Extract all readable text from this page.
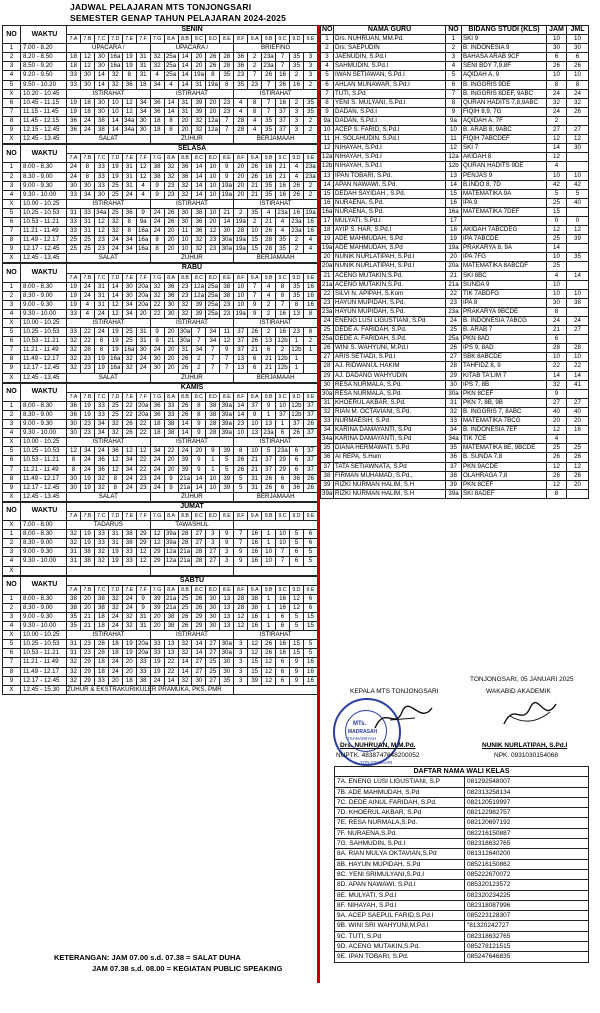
JADWAL PELAJARAN MTS TONJONGSARI
SEMESTER GENAP TAHUN PELAJARAN 2024-2025
NO	WAKTU	SENIN																	
		7.A	7.B	7.C	7.D	7.E	7.F	7.G	8.A	8.B	8.C	8.D	8.E	8.F	9.A	9.B	9.C	9.D	9.E
1	7.00 - 8.20	UPACARA /						UPACARA /						BRIEFING					
2	8.20 - 8.50	18	12	30	16a	19	31	32	25a	14	20	26	28	36	2	23a	7	35	3
3	8.50 - 9.20	18	12	30	16a	19	31	32	25a	14	20	26	28	36	2	23a	7	35	3
4	9.20 - 9.50	33	30	14	32	8	31	4	25a	14	19a	8	35	23	7	26	16	2	3
5	9.50 - 10.20	33	30	14	32	36	18	34	4	14	31	19a	8	35	23	7	26	16	2
X	10.20 - 10.45	ISTIRAHAT						ISTIRAHAT						ISTIRAHAT					
6	10.45 - 11.15	19	18	30	10	12	34	36	14	31	39	20	23	4	8	7	16	2	35
7	11.15 - 11.45	19	18	30	10	12	34	36	14	31	39	20	23	4	8	7	37	3	35
8	11.45 - 12.15	36	24	38	14	34a	30	18	8	20	32	12a	7	28	4	35	37	3	2
9	12.15 - 12.45	36	24	38	14	34a	30	18	8	20	32	12a	7	28	4	35	37	3	2
X	12.45 - 13.45	SALAT						ZUHUR						BERJAMAAH					
NO	WAKTU	SELASA																	
		7.A	7.B	7.C	7.D	7.E	7.F	7.G	8.A	8.B	8.C	8.D	8.E	8.F	9.A	9.B	9.C	9.D	9.E
1	8.00 - 8.30	24	8	33	19	31	12	38	32	36	14	10	9	20	26	16	21	4	23a
2	8.30 - 9.00	24	8	33	19	31	12	38	32	36	14	10	9	20	26	16	21	4	23a
3	9.00 - 9.30	30	30	33	25	31	4	9	23	32	14	10	19a	20	21	35	16	26	2
4	9.30 - 10.00	33	34	30	25	24	4	9	23	32	14	10	19a	20	21	35	16	26	2
X	10.00 - 10.25	ISTIRAHAT						ISTIRAHAT						ISTIRAHAT					
5	10.25 - 10.53	31	33	34a	25	36	9	24	26	30	38	10	21	2	35	4	23a	16	19a
6	10.53 - 11.21	33	31	12	32	8	9a	24	26	30	36	20	14	19a	2	21	4	23a	16
7	11.21 - 11.49	33	31	12	32	8	16a	24	20	11	36	12	30	28	10	26	4	23a	16
8	11.49 - 12.17	25	25	23	24	34	16a	8	20	10	32	23	30a	19a	15	28	35	2	4
9	12.17 - 12.45	25	25	23	24	34	16a	8	20	10	32	23	30a	19a	15	28	35	2	4
X	12.45 - 13.45	SALAT						ZUHUR						BERJAMAAH					
NO	WAKTU	RABU																	
		7.A	7.B	7.C	7.D	7.E	7.F	7.G	8.A	8.B	8.C	8.D	8.E	8.F	9.A	9.B	9.C	9.D	9.E
1	8.00 - 8.30	19	24	31	14	30	20a	32	36	23	12a	25a	38	10	7	4	8	35	16
2	8.30 - 9.00	19	24	31	14	30	20a	32	36	23	12a	25a	38	10	7	4	8	35	16
3	9.00 - 9.30	19	4	31	12	34	20a	22	30	32	39	25a	23	10	9	2	7	8	16
4	9.30 - 10.00	33	4	24	12	34	20	22	30	32	39	25a	23	19a	9	2	16	13	8
X	10.00 - 10.25	ISTIRAHAT						ISTIRAHAT						ISTIRAHAT					
5	10.25 - 10.53	33	22	24	19	25	31	9	20	30a	7	34	11	37	26	2	16	23	8
6	10.53 - 11.21	32	22	8	19	25	31	9	21	30a	7	34	12	37	26	13	12b	1	2
7	11.21 - 11.49	32	28	8	19	16a	30	24	20	31	34	7	9	37	21	6	2	12b	1
8	11.49 - 12.17	32	23	19	16a	32	24	30	20	26	2	7	7	13	6	21	12b	1	
9	12.17 - 12.45	32	23	19	16a	32	24	30	20	26	2	7	7	13	6	21	12b	1	
X	12.45 - 13.45	SALAT						ZUHUR						BERJAMAAH					
NO	WAKTU	KAMIS																	
		7.A	7.B	7.C	7.D	7.E	7.F	7.G	8.A	8.B	8.C	8.D	8.E	8.F	9.A	9.B	9.C	9.D	9.E
1	8.00 - 8.30	36	19	33	25	22	20a	36	33	26	8	38	39a	14	37	9	10	12b	37
2	8.30 - 9.00	36	19	33	25	22	20a	36	33	26	8	38	39a	14	9	1	37	12b	37
3	9.00 - 9.30	30	23	34	32	26	22	18	38	14	9	28	39a	23	10	13	1	37	26
4	9.30 - 10.00	30	23	34	32	26	22	18	38	14	9	28	39a	10	13	23a	6	26	37
X	10.00 - 10.25	ISTIRAHAT						ISTIRAHAT						ISTIRAHAT					
5	10.25 - 10.53	12	34	24	36	12	12	34	22	24	20	9	39	8	10	5	23a	6	37
6	10.53 - 11.21	8	24	36	12	34	22	24	20	39	9	1	5	26	21	37	29	6	37
7	11.21 - 11.49	8	24	36	12	34	22	24	20	39	9	1	5	26	21	37	29	6	37
8	11.49 - 12.17	30	19	32	8	24	23	24	9	21a	14	10	39	5	31	26	6	36	26
9	12.17 - 12.45	30	19	32	8	24	23	24	9	21a	14	10	39	5	31	26	6	36	26
X	12.45 - 13.45	SALAT						ZUHUR						BERJAMAAH					
NO	WAKTU	JUMAT																	
		7.A	7.B	7.C	7.D	7.E	7.F	7.G	8.A	8.B	8.C	8.D	8.E	8.F	9.A	9.B	9.C	9.D	9.E
X	7.00 - 8.00	TADARUS						TAWASHUL											
1	8.00 - 8.30	32	19	33	31	38	29	12	39a	28	27	3	9	7	16	1	10	5	6
2	8.30 - 9.00	32	19	33	31	38	29	12	39a	28	27	3	9	7	16	1	10	5	6
3	9.00 - 9.30	31	38	32	19	33	12	29	12a	21a	28	27	3	9	16	10	7	6	5
4	9.30 - 10.00	31	38	32	19	33	12	29	12a	21a	28	27	3	9	16	10	7	6	5
X																			
NO	WAKTU	SABTU																	
		7.A	7.B	7.C	7.D	7.E	7.F	7.G	8.A	8.B	8.C	8.D	8.E	8.F	9.A	9.B	9.C	9.D	9.E
1	8.00 - 8.30	38	20	38	32	24	9	39	21a	25	26	30	13	28	38	1	16	12	6
2	8.30 - 9.00	38	20	38	32	24	9	39	21a	25	26	30	13	28	38	1	16	12	6
3	9.00 - 9.30	35	21	18	24	32	31	20	38	26	29	30	13	12	16	1	6	5	15
4	9.30 - 10.00	35	21	18	24	32	31	20	38	26	29	30	13	12	16	1	6	5	15
X	10.00 - 10.25	ISTIRAHAT						ISTIRAHAT						ISTIRAHAT					
5	10.25 - 10.53	31	23	28	18	19	20a	33	13	32	14	27	30a	3	12	26	16	15	5
6	10.53 - 11.21	31	23	28	18	19	20a	33	13	32	14	27	30a	3	12	26	16	15	5
7	11.21 - 11.49	32	29	18	24	20	33	19	22	14	27	25	30	3	15	12	6	9	16
8	11.49 - 12.17	32	29	18	24	20	33	19	22	14	27	25	30	3	15	12	6	9	16
9	12.17 - 12.45	32	29	33	20	18	38	24	14	32	30	27	35	3	39	12	6	9	16
X	12.45 - 15.30	ZUHUR & EKSTRAKURIKULER PRAMUKA, PKS, PMR																	
NO	NAMA GURU	NO	BIDANG STUDI (KLS)	JAM	JML
1	Drs. NUHRUAN, MM.Pd.	1	SKI 9	10	10
2	Drs. SAEPUDIN	2	B. INDONESIA 9	30	30
3	JAENUDIN, S.Pd.I	3	BAHASA ARAB 9CF	6	6
4	SAHMUDIN, S.Pd.I	4	SENI BDY 7,9,8F	26	26
5	IWAN SETIAWAN, S.Pd.I	5	AQIDAH A, 9	10	10
6	AHLAN MUNAWAR, S.Pd.I	6	B. INGGRIS 9DE	8	8
7	TUTI, S.Pd	7	B. INGGRIS 8DEF, 9ABC	24	24
8	YENI S. MULYANI, S.Pd.I	8	QURAN HADITS 7,8,9ABC	32	32
9	DADAN, S.Pd.I	9	FIQIH 8,9, 7G	24	26
9a	DADAN, S.Pd.I	9a	AQIDAH A. 7F	2	
10	ACEP S. FARID, S.Pd.I	10	B. ARAB 8, 9ABC	27	27
11	H. SOLAHUDIN, S.Pd.I	11	FIQIH 7ABCDEF	12	12
12	NIHAYAH, S.Pd.I	12	SKI 7	14	30
12a	NIHAYAH, S.Pd.I	12a	AKIDAH 8	12	
12b	NIHAYAH, S.Pd.I	12b	QURAN HADITS 9DE	4	
13	IPAN TOBARI, S.Pd.	13	PENJAS 9	10	10
14	APAN NAWAWI, S.Pd.	14	B.INDO 8, 7D	42	42
15	DEDAH SAYIDAH , S.Pd.	15	MATEMATIKA 9A	5	5
16	NURAENA, S.Pd.	16	IPA 9	25	40
16a	NURAENA, S.Pd.	16a	MATEMATIKA 7DEF	15	
17	MULYATI, S.Pd.I	17		0	0
18	AYIP S. HAR, S.Pd.I	18	AKIDAH 7ABCDEG	12	12
19	ADE MAHMUDAH, S.Pd	19	IPA 7ABCDE	25	39
19a	ADE MAHMUDAH, S.Pd	19a	PRAKARYA 8, 9A	14	
20	NUNIK NURLATIPAH, S.Pd.I	20	IPA 7FG	10	35
20a	NUNIK NURLATIPAH, S.Pd.I	20a	MATEMATIKA 8ABCDF	25	
21	ACENG MUTAKIN,S.Pd.	21	SKI 8BC	4	14
21a	ACENG MUTAKIN,S.Pd.	21a	SUNDA 9	10	
22	SILVI N. APIPAH, S.Kom	22	TIK 7ABDFG	10	10
23	HAYUN MUPIDAH, S.Pd.	23	IPA 8	30	38
23a	HAYUN MUPIDAH, S.Pd.	23a	PRAKARYA 9BCDE	8	
24	ENENG LUSI LIGUSTIANI, S.Pd	24	B. INDONESIA 7ABCG	24	24
25	DEDE A. FARIDAH, S.Pd.	25	B. ARAB 7	21	27
25a	DEDE A. FARIDAH, S.Pd.	25a	PKN 8AD	6	
26	WINI S. WAHYUNI, M.Pd.I	26	IPS 9, 8AD	28	28
27	ARIS SETIADI, S.Pd.I	27	SBK 8ABCDE	10	10
28	AJ. RIDWANUL HAKIM	28	TAHFIDZ 8, 9	22	22
29	AJ. DADANG WAHYUDIN	29	KITAB TA'LIM 7	14	14
30	RESA NURMALA, S.Pd.	30	IPS 7, 8B	32	41
30a	RESA NURMALA, S.Pd.	30a	PKN 8CEF	9	
31	KHOERUL AKBAR, S.Pd.	31	PKN 7, 8B, 9B	27	27
32	RIAN M. OCTAVIANI, S.Pd.	32	B. INGGRIS 7, 8ABC	40	40
33	NURMAESIH, S.Pd	33	MATEMATIKA 7BCG	20	20
34	KARINA DAMAYANTI, S.Pd	34	B. INDONESIA 7EF	12	16
34a	KARINA DAMAYANTI, S.Pd	34a	TIK 7CE	4	
35	DIANA HERMAWATI, S.Pd	35	MATEMATIKA 8E, 9BCDE	25	25
36	AI REPA, S.Hum	36	B. SUNDA 7,8	26	26
37	TATA SETIAWNATA, S.Pd	37	PKN 9ACDE	12	12
38	FIRMAN MUHAMAD, S.Pd.,	38	OLAHRAGA 7,8	26	26
39	RIZKI NURMAN HALIM, S.H	39	PKN 8CEF	12	20
39a	RIZKI NURMAN HALIM, S.H	39a	SKI 8ADEF	8	
TONJONGSARI, 05 JANUARI 2025
KEPALA MTS TONJONGSARI	WAKABID AKADEMIK
MTs.
MADRASAH
TSANAWIYAH
Drs. NUHRUAN, M.M.Pd.
NUPTK. 4838747648200052
NUNIK NURLATIPAH, S.Pd.I
NPK. 0931030154068
TONJONGSARI
DAFTAR NAMA WALI KELAS	
7A. ENENG LUSI LIGUSTIANI, S.P	081292548007
7B. ADE MAHMUDAH, S.Pd	082313258134
7C. DEDE AINUL FARIDAH, S.Pd.	082120519997
7D. KHOERUL AKBAR, S.Pd	082122982757
7E. RESA NURMALA,S.Pd.	082120697192
7F. NURAENA,S.Pd.	082216150887
7G. SAHMUDIN, S.Pd.I	082318632765
8A. RIAN MULYA OKTAVIAN,S.Pd	081312640200
8B. HAYUN MUPIDAH, S.Pd	085216150862
8C. YENI SRIMULYANI,S.Pd.I	085222670072
8D. APAN NAWAWI, S.Pd.I	085320123572
8E. MULYATI, S.Pd.I	082320234225
8F. NIHAYAH, S.Pd.I	082318087996
9A. ACEP SAEPUL FARID,S.Pd.I	085223128307
9B. WINI SRI WAHYUNI,M.Pd.I	"81320242727
9C. TUTI, S.Pd	082318632765
9D. ACENG MUTAKIN,S.Pd.	085278121515
9E. IPAN TOBARI, S.Pd.	085247646835
KETERANGAN: JAM 07.00 s.d. 07.38 = SALAT DUHA
JAM 07.38 s.d. 08.00 = KEGIATAN PUBLIC SPEAKING
